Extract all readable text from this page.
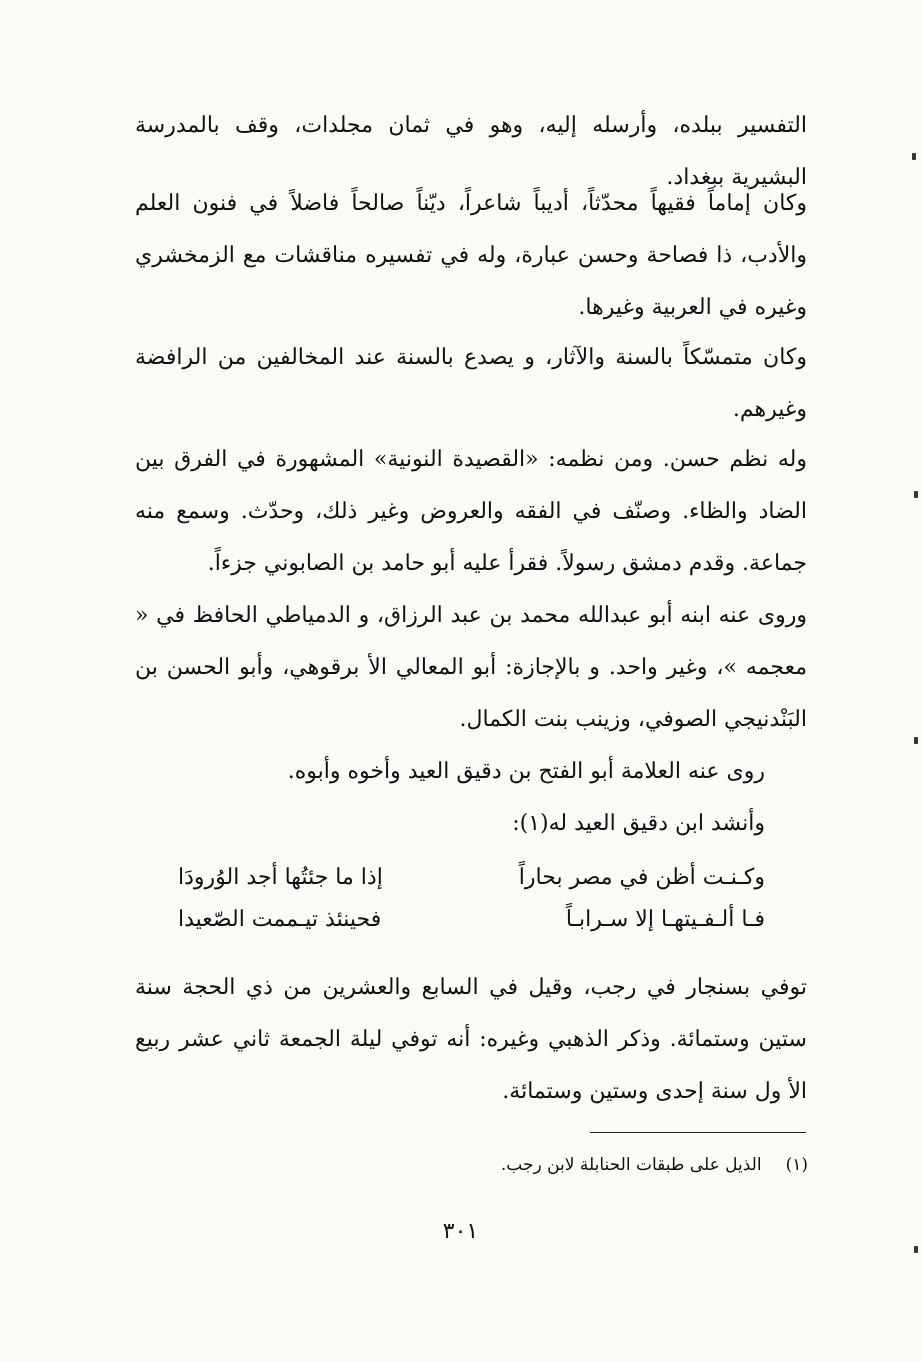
التفسير ببلده، وأرسله إليه، وهو في ثمان مجلدات، وقف بالمدرسة البشيرية ببغداد.

وكان إماماً فقيهاً محدّثاً، أديباً شاعراً، ديّناً صالحاً فاضلاً في فنون العلم والأدب، ذا فصاحة وحسن عبارة، وله في تفسيره مناقشات مع الزمخشري وغيره في العربية وغيرها.

وكان متمسّكاً بالسنة والآثار، و يصدع بالسنة عند المخالفين من الرافضة وغيرهم.

وله نظم حسن. ومن نظمه: «القصيدة النونية» المشهورة في الفرق بين الضاد والظاء. وصنّف في الفقه والعروض وغير ذلك، وحدّث. وسمع منه جماعة. وقدم دمشق رسولاً. فقرأ عليه أبو حامد بن الصابوني جزءاً.

وروى عنه ابنه أبو عبدالله محمد بن عبد الرزاق، و الدمياطي الحافظ في « معجمه »، وغير واحد. و بالإجازة: أبو المعالي الأ برقوهي، وأبو الحسن بن البَنْدنيجي الصوفي، وزينب بنت الكمال.

روى عنه العلامة أبو الفتح بن دقيق العيد وأخوه وأبوه.
وأنشد ابن دقيق العيد له(١):
وكـنـت أظن في مصر بحاراً
إذا ما جئتُها أجد الوُرودَا
فـا ألـفـيتهـا إلا سـرابـاً
فحينئذ تيـممت الصّعيدا

توفي بسنجار في رجب، وقيل في السابع والعشرين من ذي الحجة سنة ستين وستمائة. وذكر الذهبي وغيره: أنه توفي ليلة الجمعة ثاني عشر ربيع الأ ول سنة إحدى وستين وستمائة.

(١)الذيل على طبقات الحنابلة لابن رجب.
٣٠١
